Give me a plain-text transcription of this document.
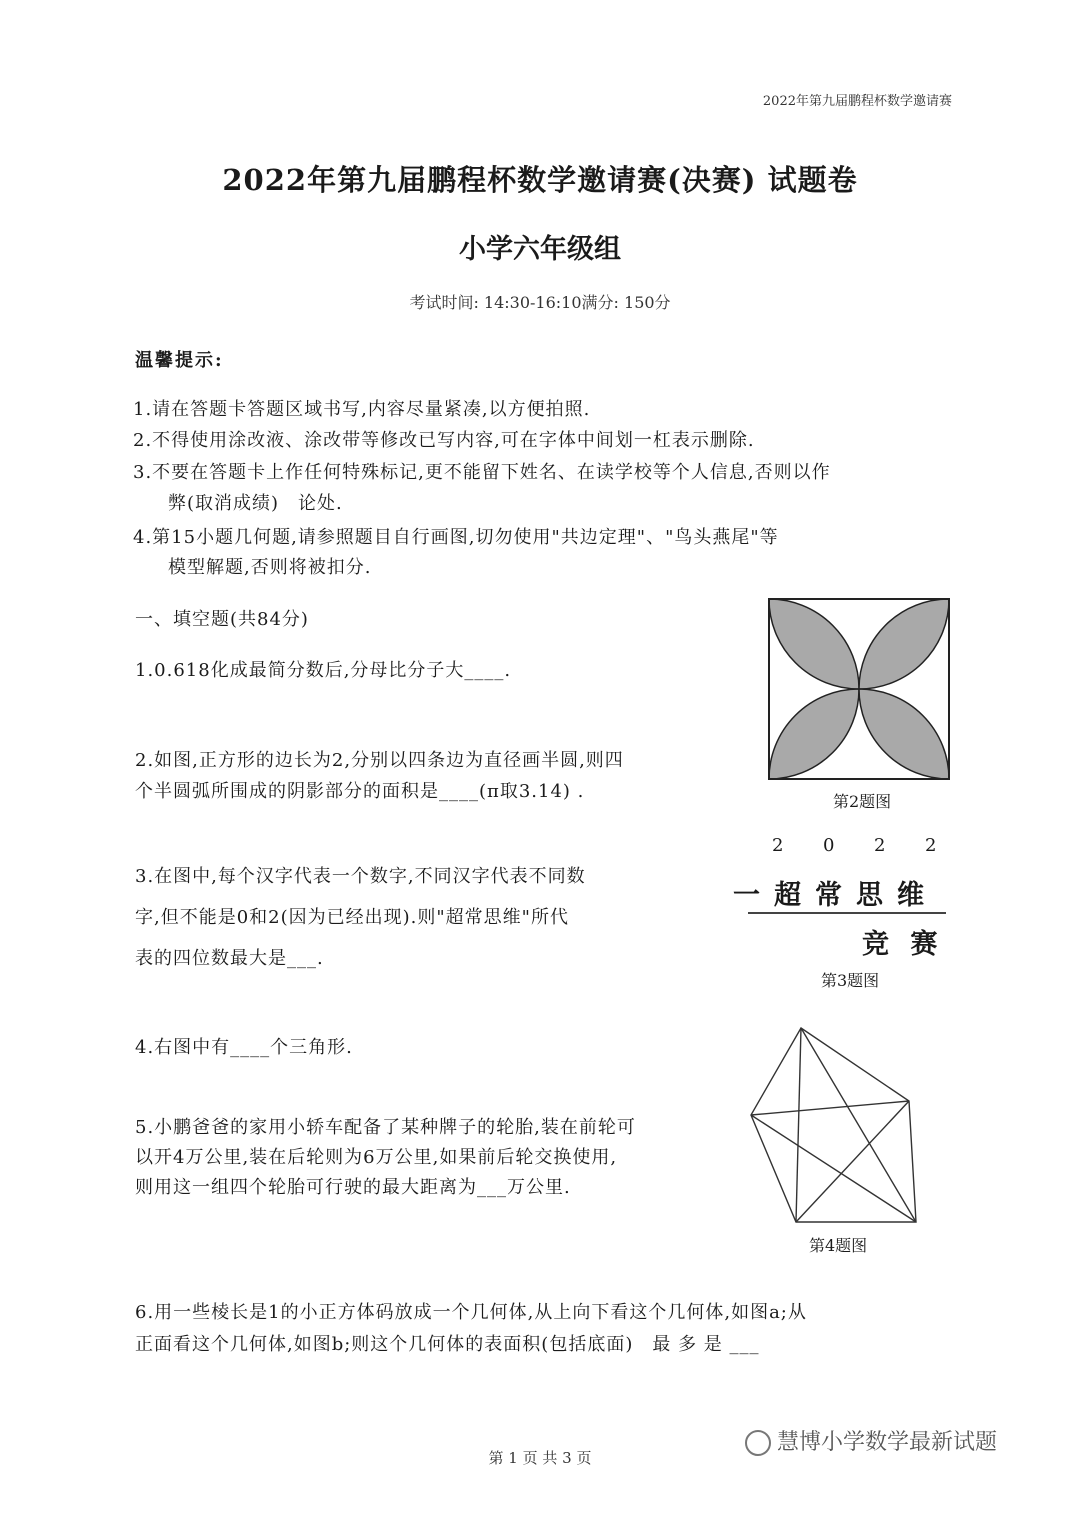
2022年第九届鹏程杯数学邀请赛
2022年第九届鹏程杯数学邀请赛(决赛) 试题卷
小学六年级组
考试时间: 14:30-16:10满分: 150分
温馨提示:
1.请在答题卡答题区域书写,内容尽量紧凑,以方便拍照.
2.不得使用涂改液、涂改带等修改已写内容,可在字体中间划一杠表示删除.
3.不要在答题卡上作任何特殊标记,更不能留下姓名、在读学校等个人信息,否则以作
弊(取消成绩)　论处.
4.第15小题几何题,请参照题目自行画图,切勿使用"共边定理"、"鸟头燕尾"等
模型解题,否则将被扣分.
一、填空题(共84分)
1.0.618化成最简分数后,分母比分子大____.
2.如图,正方形的边长为2,分别以四条边为直径画半圆,则四
个半圆弧所围成的阴影部分的面积是____(π取3.14) .
3.在图中,每个汉字代表一个数字,不同汉字代表不同数
字,但不能是0和2(因为已经出现).则"超常思维"所代
表的四位数最大是___.
4.右图中有____个三角形.
5.小鹏爸爸的家用小轿车配备了某种牌子的轮胎,装在前轮可
以开4万公里,装在后轮则为6万公里,如果前后轮交换使用,
则用这一组四个轮胎可行驶的最大距离为___万公里.
6.用一些棱长是1的小正方体码放成一个几何体,从上向下看这个几何体,如图a;从
正面看这个几何体,如图b;则这个几何体的表面积(包括底面)　最 多 是 ___
第2题图
2 0 2 2
一超常思维
竞 赛
第3题图
第4题图
第 1 页 共 3 页
慧博小学数学最新试题
